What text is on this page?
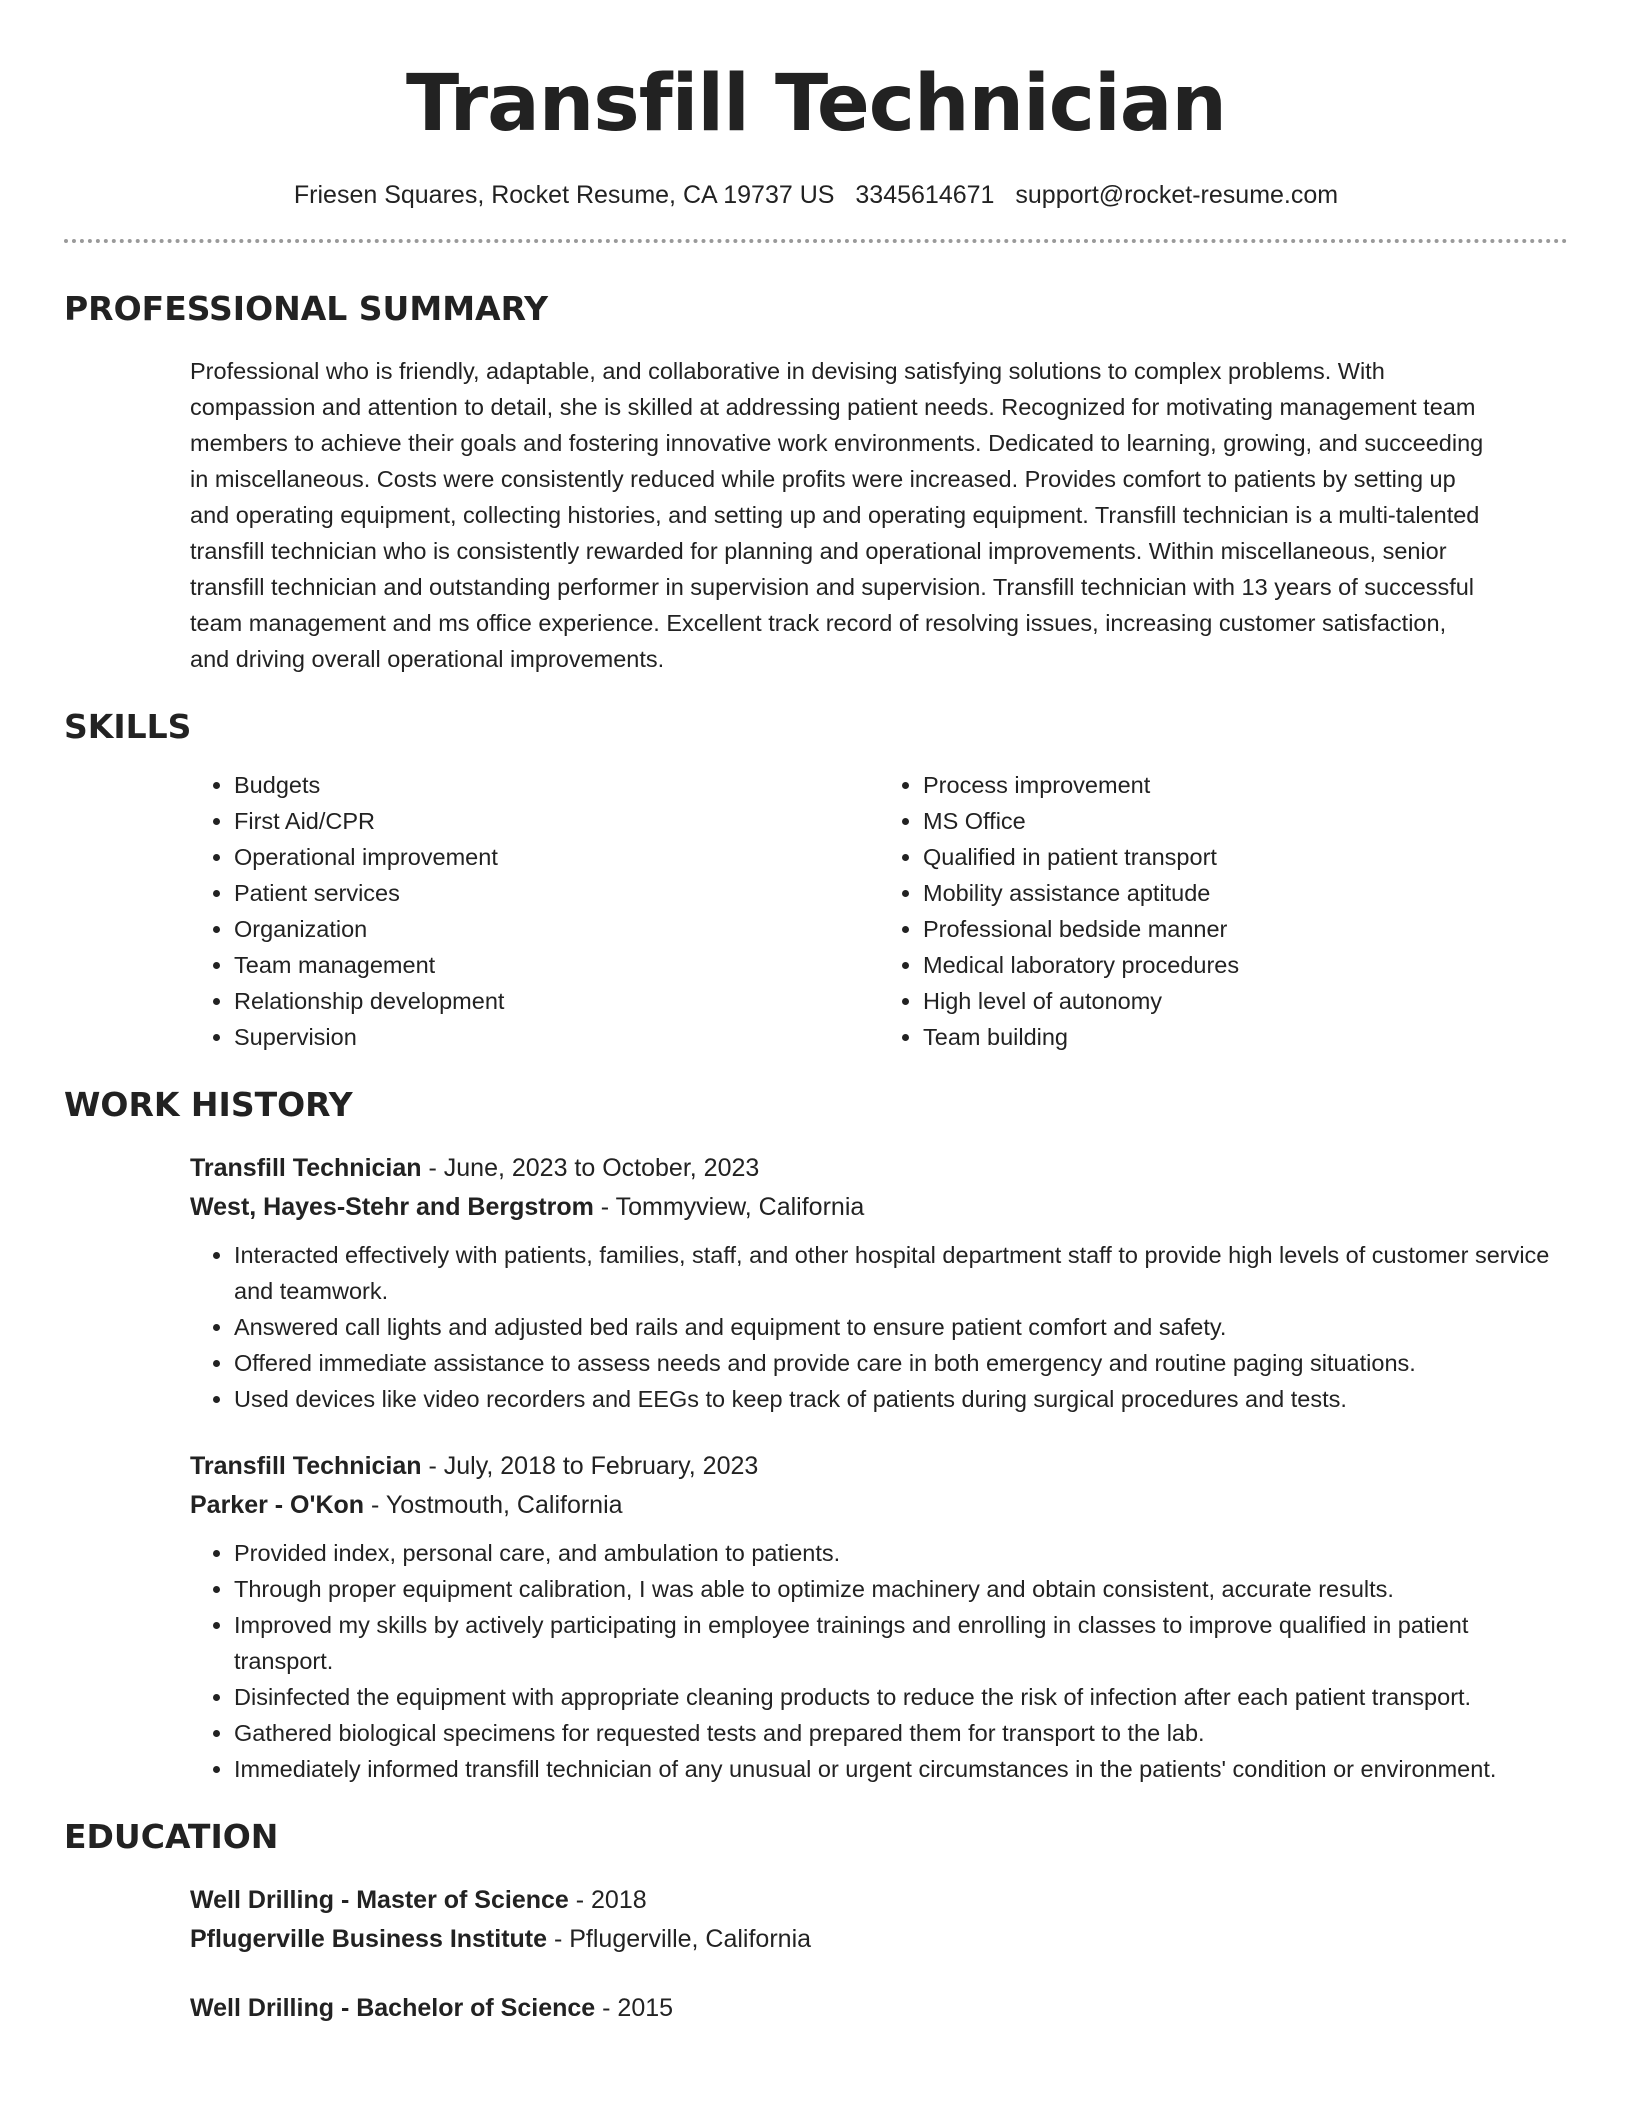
Transfill Technician
Friesen Squares, Rocket Resume, CA 19737 US 3345614671 support@rocket-resume.com
PROFESSIONAL SUMMARY
Professional who is friendly, adaptable, and collaborative in devising satisfying solutions to complex problems. With
compassion and attention to detail, she is skilled at addressing patient needs. Recognized for motivating management team
members to achieve their goals and fostering innovative work environments. Dedicated to learning, growing, and succeeding
in miscellaneous. Costs were consistently reduced while profits were increased. Provides comfort to patients by setting up
and operating equipment, collecting histories, and setting up and operating equipment. Transfill technician is a multi-talented
transfill technician who is consistently rewarded for planning and operational improvements. Within miscellaneous, senior
transfill technician and outstanding performer in supervision and supervision. Transfill technician with 13 years of successful
team management and ms office experience. Excellent track record of resolving issues, increasing customer satisfaction,
and driving overall operational improvements.
SKILLS
• Budgets
• First Aid/CPR
• Operational improvement
• Patient services
• Organization
• Team management
• Relationship development
• Supervision
• Process improvement
• MS Office
• Qualified in patient transport
• Mobility assistance aptitude
• Professional bedside manner
• Medical laboratory procedures
• High level of autonomy
• Team building
WORK HISTORY
Transfill Technician - June, 2023 to October, 2023
West, Hayes-Stehr and Bergstrom - Tommyview, California
• Interacted effectively with patients, families, staff, and other hospital department staff to provide high levels of customer service and teamwork.
• Answered call lights and adjusted bed rails and equipment to ensure patient comfort and safety.
• Offered immediate assistance to assess needs and provide care in both emergency and routine paging situations.
• Used devices like video recorders and EEGs to keep track of patients during surgical procedures and tests.
Transfill Technician - July, 2018 to February, 2023
Parker - O'Kon - Yostmouth, California
• Provided index, personal care, and ambulation to patients.
• Through proper equipment calibration, I was able to optimize machinery and obtain consistent, accurate results.
• Improved my skills by actively participating in employee trainings and enrolling in classes to improve qualified in patient transport.
• Disinfected the equipment with appropriate cleaning products to reduce the risk of infection after each patient transport.
• Gathered biological specimens for requested tests and prepared them for transport to the lab.
• Immediately informed transfill technician of any unusual or urgent circumstances in the patients' condition or environment.
EDUCATION
Well Drilling - Master of Science - 2018
Pflugerville Business Institute - Pflugerville, California
Well Drilling - Bachelor of Science - 2015
